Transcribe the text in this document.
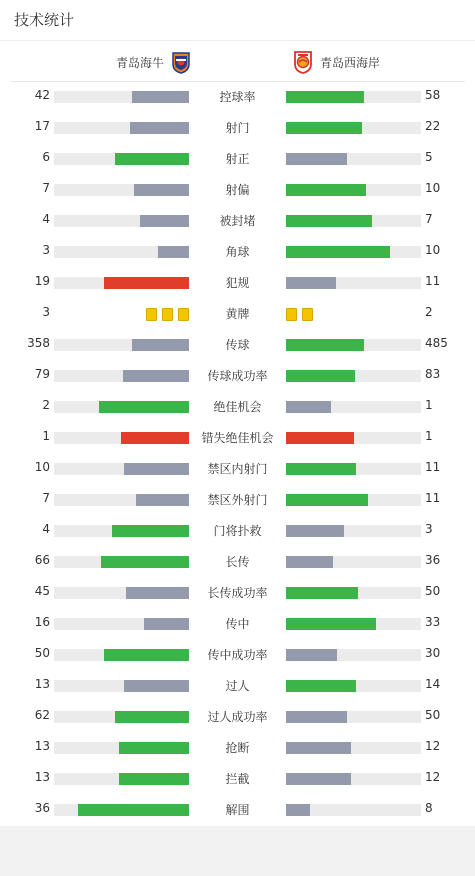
技术统计
青岛海牛	青岛西海岸
42	控球率	58
17	射门	22
6	射正	5
7	射偏	10
4	被封堵	7
3	角球	10
19	犯规	11
3	黄牌	2
358	传球	485
79	传球成功率	83
2	绝佳机会	1
1	错失绝佳机会	1
10	禁区内射门	11
7	禁区外射门	11
4	门将扑救	3
66	长传	36
45	长传成功率	50
16	传中	33
50	传中成功率	30
13	过人	14
62	过人成功率	50
13	抢断	12
13	拦截	12
36	解围	8
